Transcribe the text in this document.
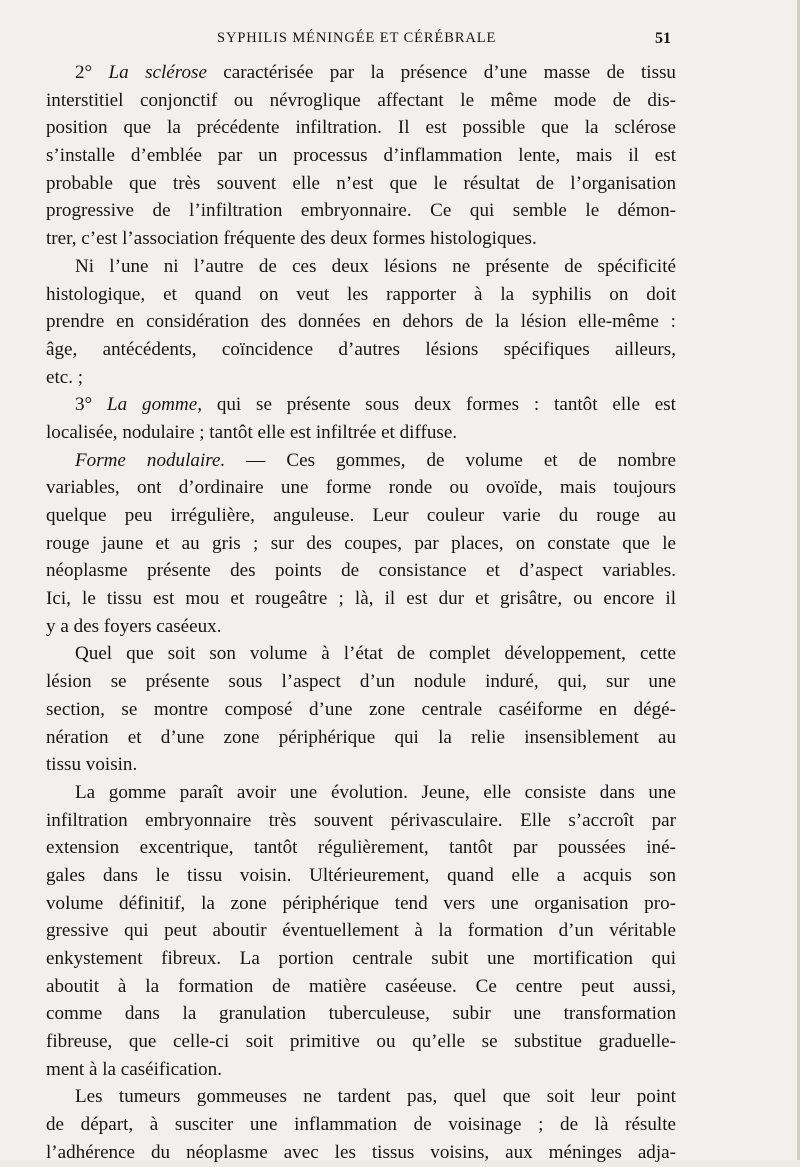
SYPHILIS MÉNINGÉE ET CÉRÉBRALE	51
2° La sclérose caractérisée par la présence d’une masse de tissu
interstitiel conjonctif ou névroglique affectant le même mode de dis-
position que la précédente infiltration. Il est possible que la sclérose
s’installe d’emblée par un processus d’inflammation lente, mais il est
probable que très souvent elle n’est que le résultat de l’organisation
progressive de l’infiltration embryonnaire. Ce qui semble le démon-
trer, c’est l’association fréquente des deux formes histologiques.
Ni l’une ni l’autre de ces deux lésions ne présente de spécificité
histologique, et quand on veut les rapporter à la syphilis on doit
prendre en considération des données en dehors de la lésion elle-même :
âge, antécédents, coïncidence d’autres lésions spécifiques ailleurs,
etc. ;
3° La gomme, qui se présente sous deux formes : tantôt elle est
localisée, nodulaire ; tantôt elle est infiltrée et diffuse.
Forme nodulaire. — Ces gommes, de volume et de nombre
variables, ont d’ordinaire une forme ronde ou ovoïde, mais toujours
quelque peu irrégulière, anguleuse. Leur couleur varie du rouge au
rouge jaune et au gris ; sur des coupes, par places, on constate que le
néoplasme présente des points de consistance et d’aspect variables.
Ici, le tissu est mou et rougeâtre ; là, il est dur et grisâtre, ou encore il
y a des foyers caséeux.
Quel que soit son volume à l’état de complet développement, cette
lésion se présente sous l’aspect d’un nodule induré, qui, sur une
section, se montre composé d’une zone centrale caséiforme en dégé-
nération et d’une zone périphérique qui la relie insensiblement au
tissu voisin.
La gomme paraît avoir une évolution. Jeune, elle consiste dans une
infiltration embryonnaire très souvent périvasculaire. Elle s’accroît par
extension excentrique, tantôt régulièrement, tantôt par poussées iné-
gales dans le tissu voisin. Ultérieurement, quand elle a acquis son
volume définitif, la zone périphérique tend vers une organisation pro-
gressive qui peut aboutir éventuellement à la formation d’un véritable
enkystement fibreux. La portion centrale subit une mortification qui
aboutit à la formation de matière caséeuse. Ce centre peut aussi,
comme dans la granulation tuberculeuse, subir une transformation
fibreuse, que celle-ci soit primitive ou qu’elle se substitue graduelle-
ment à la caséification.
Les tumeurs gommeuses ne tardent pas, quel que soit leur point
de départ, à susciter une inflammation de voisinage ; de là résulte
l’adhérence du néoplasme avec les tissus voisins, aux méninges adja-
